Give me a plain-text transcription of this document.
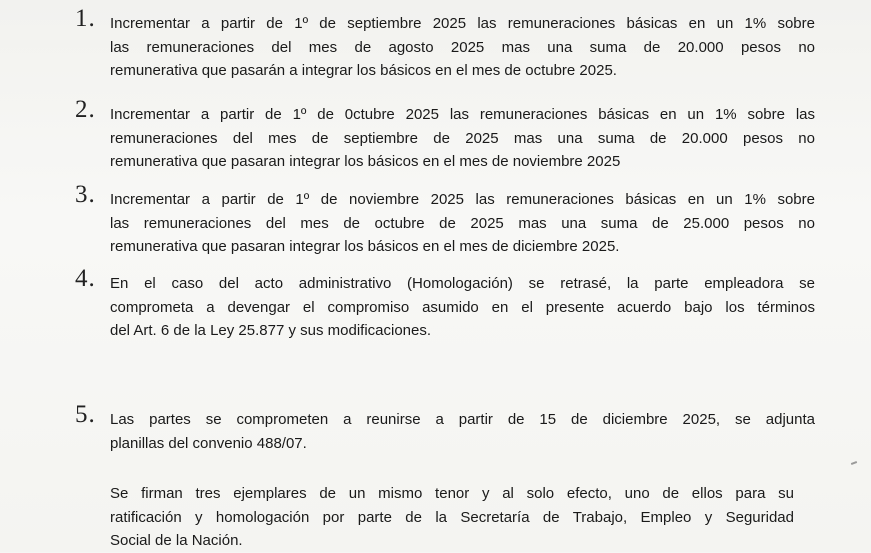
1. Incrementar a partir de 1º de septiembre 2025 las remuneraciones básicas en un 1% sobre
las remuneraciones del mes de agosto 2025 mas una suma de 20.000 pesos no
remunerativa que pasarán a integrar los básicos en el mes de octubre 2025.
2. Incrementar a partir de 1º de 0ctubre 2025 las remuneraciones básicas en un 1% sobre las
remuneraciones del mes de septiembre de 2025 mas una suma de 20.000 pesos no
remunerativa que pasaran integrar los básicos en el mes de noviembre 2025
3. Incrementar a partir de 1º de noviembre 2025 las remuneraciones básicas en un 1% sobre
las remuneraciones del mes de octubre de 2025 mas una suma de 25.000 pesos no
remunerativa que pasaran integrar los básicos en el mes de diciembre 2025.
4. En el caso del acto administrativo (Homologación) se retrasé, la parte empleadora se
comprometa a devengar el compromiso asumido en el presente acuerdo bajo los términos
del Art. 6 de la Ley 25.877 y sus modificaciones.
5. Las partes se comprometen a reunirse a partir de 15 de diciembre 2025, se adjunta
planillas del convenio 488/07.
Se firman tres ejemplares de un mismo tenor y al solo efecto, uno de ellos para su
ratificación y homologación por parte de la Secretaría de Trabajo, Empleo y Seguridad
Social de la Nación.
